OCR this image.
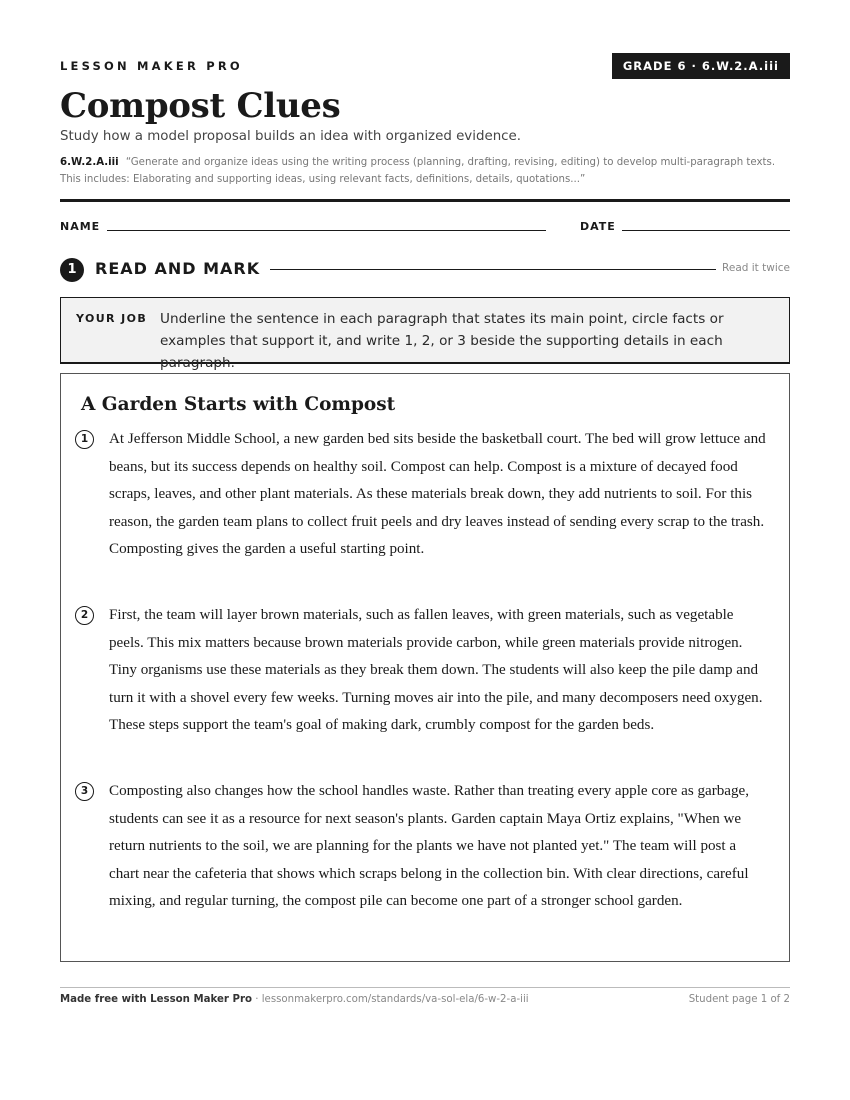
LESSON MAKER PRO	GRADE 6 · 6.W.2.A.iii
Compost Clues
Study how a model proposal builds an idea with organized evidence.
6.W.2.A.iii “Generate and organize ideas using the writing process (planning, drafting, revising, editing) to develop multi-paragraph texts. This includes: Elaborating and supporting ideas, using relevant facts, definitions, details, quotations...”
NAME	DATE
1	READ AND MARK	Read it twice
YOUR JOB Underline the sentence in each paragraph that states its main point, circle facts or examples that support it, and write 1, 2, or 3 beside the supporting details in each paragraph.
A Garden Starts with Compost
1	At Jefferson Middle School, a new garden bed sits beside the basketball court. The bed will grow lettuce and beans, but its success depends on healthy soil. Compost can help. Compost is a mixture of decayed food scraps, leaves, and other plant materials. As these materials break down, they add nutrients to soil. For this reason, the garden team plans to collect fruit peels and dry leaves instead of sending every scrap to the trash. Composting gives the garden a useful starting point.
2	First, the team will layer brown materials, such as fallen leaves, with green materials, such as vegetable peels. This mix matters because brown materials provide carbon, while green materials provide nitrogen. Tiny organisms use these materials as they break them down. The students will also keep the pile damp and turn it with a shovel every few weeks. Turning moves air into the pile, and many decomposers need oxygen. These steps support the team's goal of making dark, crumbly compost for the garden beds.
3	Composting also changes how the school handles waste. Rather than treating every apple core as garbage, students can see it as a resource for next season's plants. Garden captain Maya Ortiz explains, "When we return nutrients to the soil, we are planning for the plants we have not planted yet." The team will post a chart near the cafeteria that shows which scraps belong in the collection bin. With clear directions, careful mixing, and regular turning, the compost pile can become one part of a stronger school garden.
Made free with Lesson Maker Pro · lessonmakerpro.com/standards/va-sol-ela/6-w-2-a-iii	Student page 1 of 2
